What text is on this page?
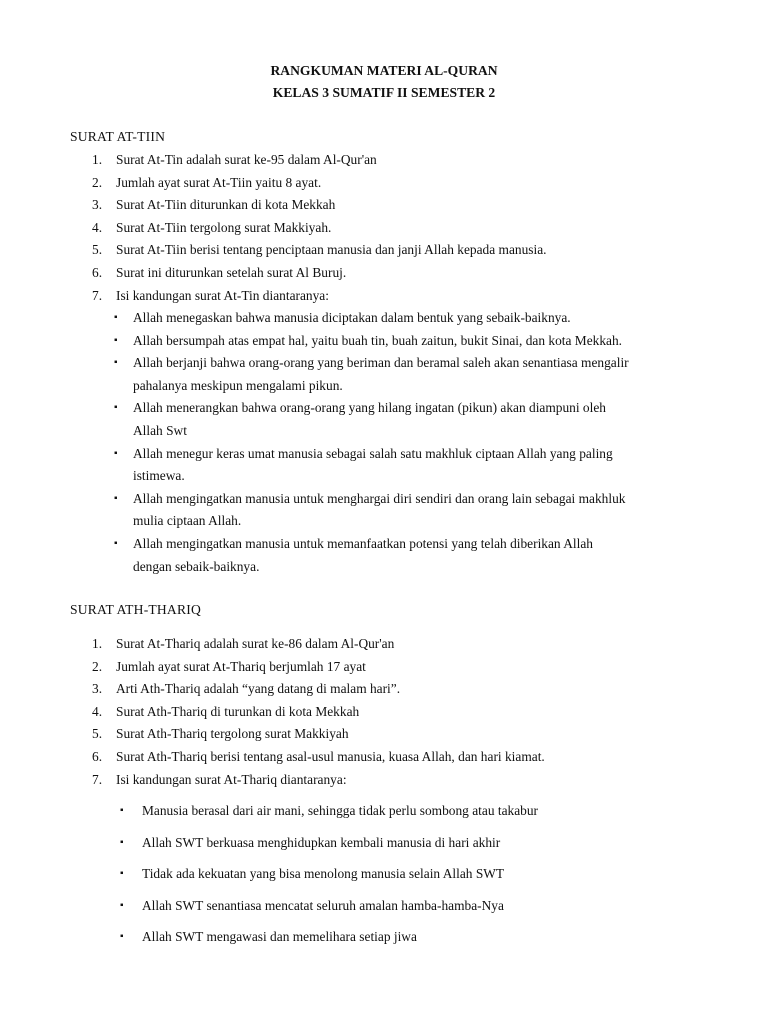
RANGKUMAN MATERI AL-QURAN
KELAS 3 SUMATIF II SEMESTER 2
SURAT AT-TIIN
1. Surat At-Tin adalah surat ke-95 dalam Al-Qur'an
2. Jumlah ayat surat At-Tiin yaitu 8 ayat.
3. Surat At-Tiin diturunkan di kota Mekkah
4. Surat At-Tiin tergolong surat Makkiyah.
5. Surat At-Tiin berisi tentang penciptaan manusia dan janji Allah kepada manusia.
6. Surat ini diturunkan setelah surat Al Buruj.
7. Isi kandungan surat At-Tin diantaranya:
▪ Allah menegaskan bahwa manusia diciptakan dalam bentuk yang sebaik-baiknya.
▪ Allah bersumpah atas empat hal, yaitu buah tin, buah zaitun, bukit Sinai, dan kota Mekkah.
▪ Allah berjanji bahwa orang-orang yang beriman dan beramal saleh akan senantiasa mengalir
pahalanya meskipun mengalami pikun.
▪ Allah menerangkan bahwa orang-orang yang hilang ingatan (pikun) akan diampuni oleh
Allah Swt
▪ Allah menegur keras umat manusia sebagai salah satu makhluk ciptaan Allah yang paling
istimewa.
▪ Allah mengingatkan manusia untuk menghargai diri sendiri dan orang lain sebagai makhluk
mulia ciptaan Allah.
▪ Allah mengingatkan manusia untuk memanfaatkan potensi yang telah diberikan Allah
dengan sebaik-baiknya.
SURAT ATH-THARIQ
1. Surat At-Thariq adalah surat ke-86 dalam Al-Qur'an
2. Jumlah ayat surat At-Thariq berjumlah 17 ayat
3. Arti Ath-Thariq adalah “yang datang di malam hari”.
4. Surat Ath-Thariq di turunkan di kota Mekkah
5. Surat Ath-Thariq tergolong surat Makkiyah
6. Surat Ath-Thariq berisi tentang asal-usul manusia, kuasa Allah, dan hari kiamat.
7. Isi kandungan surat At-Thariq diantaranya:
▪ Manusia berasal dari air mani, sehingga tidak perlu sombong atau takabur
▪ Allah SWT berkuasa menghidupkan kembali manusia di hari akhir
▪ Tidak ada kekuatan yang bisa menolong manusia selain Allah SWT
▪ Allah SWT senantiasa mencatat seluruh amalan hamba-hamba-Nya
▪ Allah SWT mengawasi dan memelihara setiap jiwa
